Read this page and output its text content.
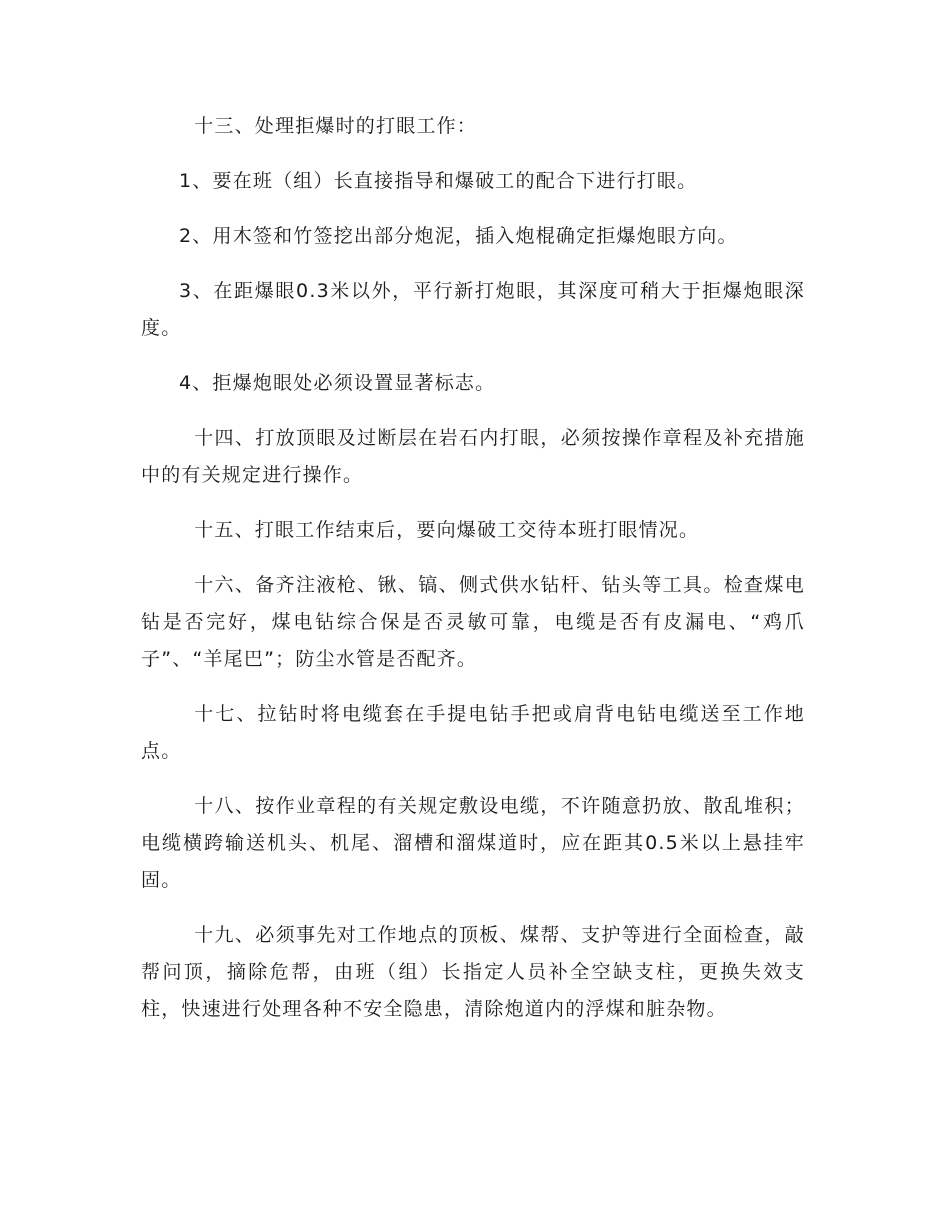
十三、处理拒爆时的打眼工作：

1、要在班（组）长直接指导和爆破工的配合下进行打眼。

2、用木签和竹签挖出部分炮泥，插入炮棍确定拒爆炮眼方向。

3、在距爆眼0.3米以外，平行新打炮眼，其深度可稍大于拒爆炮眼深度。

4、拒爆炮眼处必须设置显著标志。

十四、打放顶眼及过断层在岩石内打眼，必须按操作章程及补充措施中的有关规定进行操作。

十五、打眼工作结束后，要向爆破工交待本班打眼情况。

十六、备齐注液枪、锹、镐、侧式供水钻杆、钻头等工具。检查煤电钻是否完好，煤电钻综合保是否灵敏可靠，电缆是否有皮漏电、“鸡爪子”、“羊尾巴”；防尘水管是否配齐。

十七、拉钻时将电缆套在手提电钻手把或肩背电钻电缆送至工作地点。

十八、按作业章程的有关规定敷设电缆，不许随意扔放、散乱堆积；电缆横跨输送机头、机尾、溜槽和溜煤道时，应在距其0.5米以上悬挂牢固。

十九、必须事先对工作地点的顶板、煤帮、支护等进行全面检查，敲帮问顶，摘除危帮，由班（组）长指定人员补全空缺支柱，更换失效支柱，快速进行处理各种不安全隐患，清除炮道内的浮煤和脏杂物。
